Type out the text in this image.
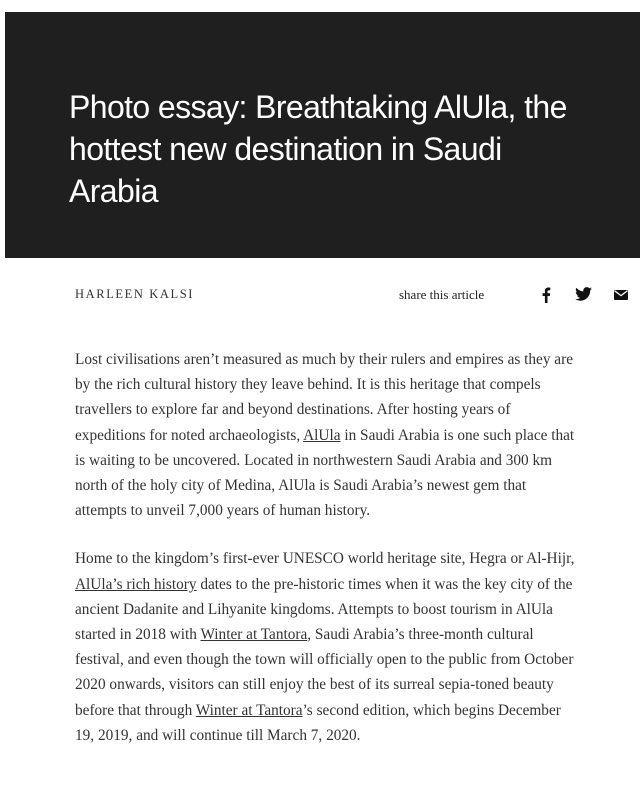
Photo essay: Breathtaking AlUla, the hottest new destination in Saudi Arabia
HARLEEN KALSI	share this article

Lost civilisations aren’t measured as much by their rulers and empires as they are by the rich cultural history they leave behind. It is this heritage that compels travellers to explore far and beyond destinations. After hosting years of expeditions for noted archaeologists, AlUla in Saudi Arabia is one such place that is waiting to be uncovered. Located in northwestern Saudi Arabia and 300 km north of the holy city of Medina, AlUla is Saudi Arabia’s newest gem that attempts to unveil 7,000 years of human history.

Home to the kingdom’s first-ever UNESCO world heritage site, Hegra or Al-Hijr, AlUla’s rich history dates to the pre-historic times when it was the key city of the ancient Dadanite and Lihyanite kingdoms. Attempts to boost tourism in AlUla started in 2018 with Winter at Tantora, Saudi Arabia’s three-month cultural festival, and even though the town will officially open to the public from October 2020 onwards, visitors can still enjoy the best of its surreal sepia-toned beauty before that through Winter at Tantora’s second edition, which begins December 19, 2019, and will continue till March 7, 2020.
